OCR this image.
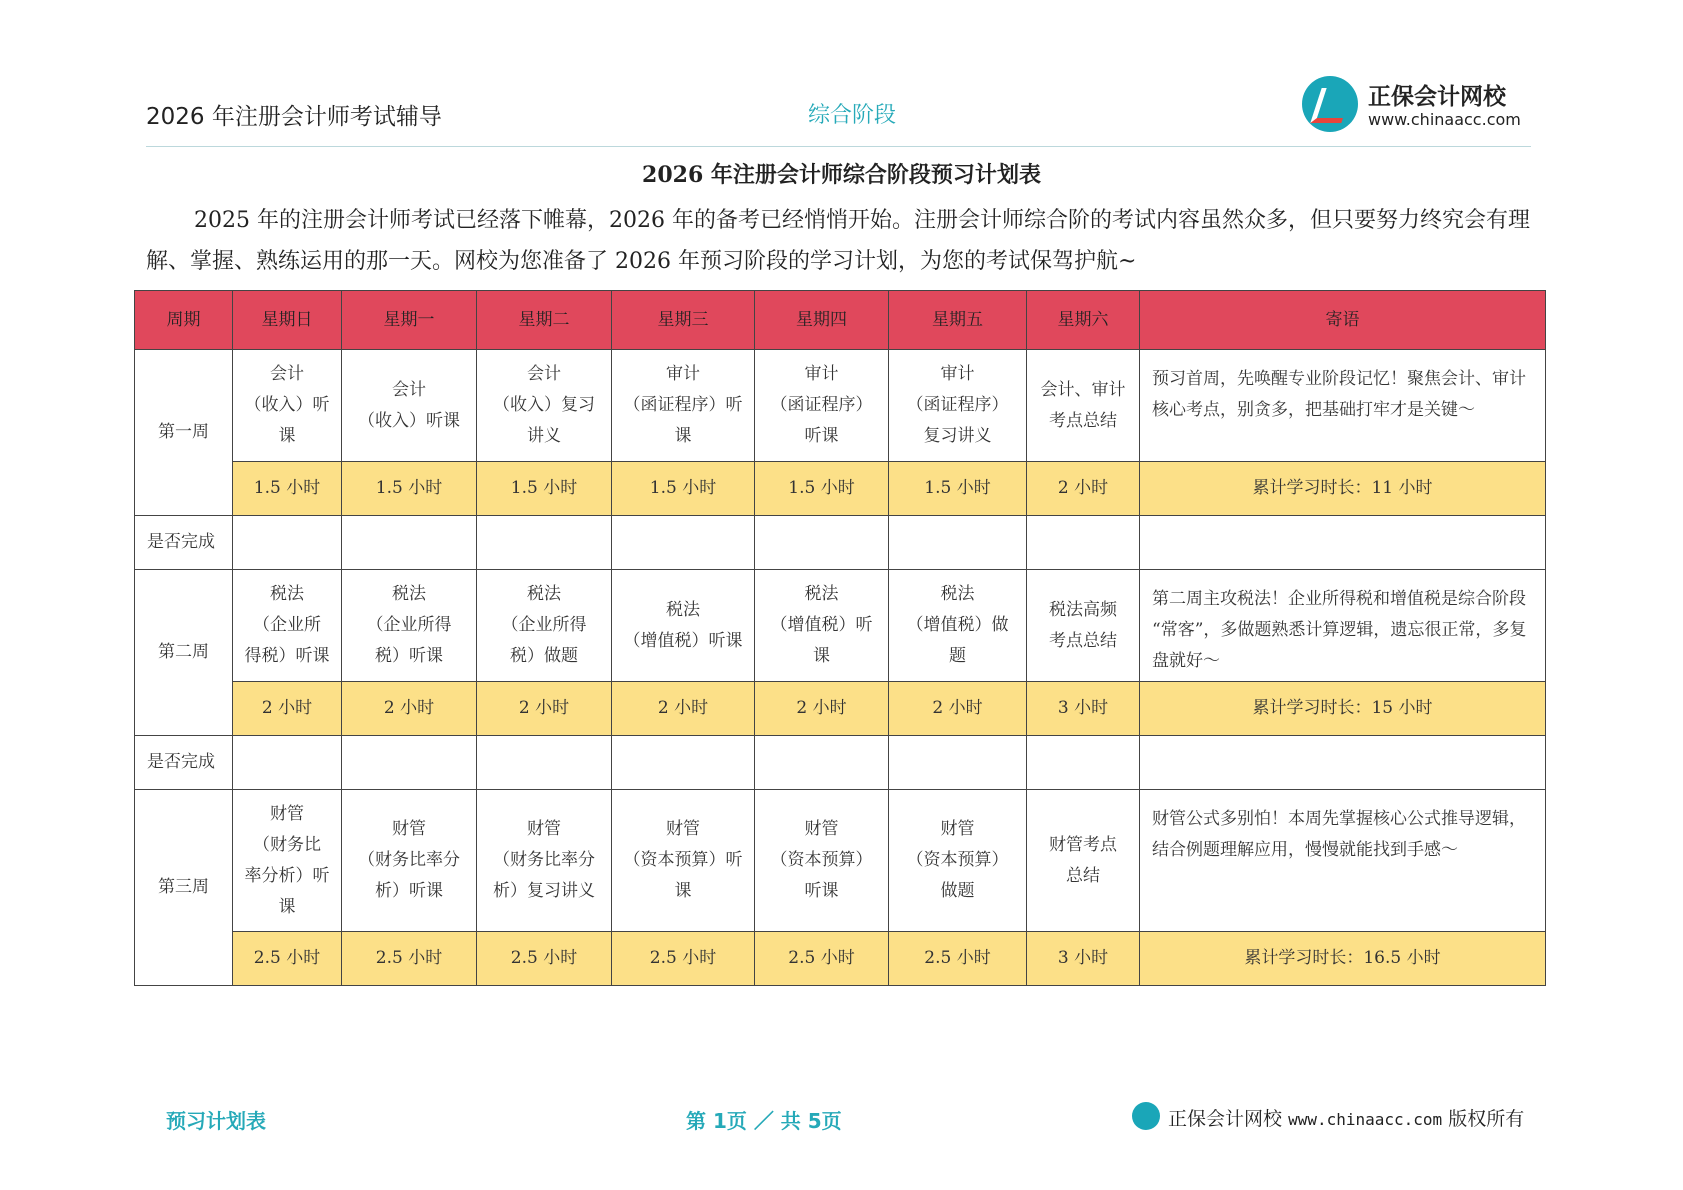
2026 年注册会计师考试辅导	综合阶段
正保会计网校
www.chinaacc.com
2026 年注册会计师综合阶段预习计划表
2025 年的注册会计师考试已经落下帷幕，2026 年的备考已经悄悄开始。注册会计师综合阶的考试内容虽然众多，但只要努力终究会有理解、掌握、熟练运用的那一天。网校为您准备了 2026 年预习阶段的学习计划，为您的考试保驾护航~
周期	星期日	星期一	星期二	星期三	星期四	星期五	星期六	寄语
第一周	会计
（收入）听
课	会计
（收入）听课	会计
（收入）复习
讲义	审计
（函证程序）听
课	审计
（函证程序）
听课	审计
（函证程序）
复习讲义	会计、审计
考点总结	预习首周，先唤醒专业阶段记忆！聚焦会计、审计核心考点，别贪多，把基础打牢才是关键～
	1.5 小时	1.5 小时	1.5 小时	1.5 小时	1.5 小时	1.5 小时	2 小时	累计学习时长：11 小时
是否完成								
第二周	税法
（企业所
得税）听课	税法
（企业所得
税）听课	税法
（企业所得
税）做题	税法
（增值税）听课	税法
（增值税）听
课	税法
（增值税）做
题	税法高频
考点总结	第二周主攻税法！企业所得税和增值税是综合阶段 “常客”，多做题熟悉计算逻辑，遗忘很正常，多复盘就好～
	2 小时	2 小时	2 小时	2 小时	2 小时	2 小时	3 小时	累计学习时长：15 小时
是否完成								
第三周	财管
（财务比
率分析）听
课	财管
（财务比率分
析）听课	财管
（财务比率分
析）复习讲义	财管
（资本预算）听
课	财管
（资本预算）
听课	财管
（资本预算）
做题	财管考点
总结	财管公式多别怕！本周先掌握核心公式推导逻辑，结合例题理解应用，慢慢就能找到手感～
	2.5 小时	2.5 小时	2.5 小时	2.5 小时	2.5 小时	2.5 小时	3 小时	累计学习时长：16.5 小时
预习计划表	第 1页 ／ 共 5页	正保会计网校 www.chinaacc.com 版权所有
